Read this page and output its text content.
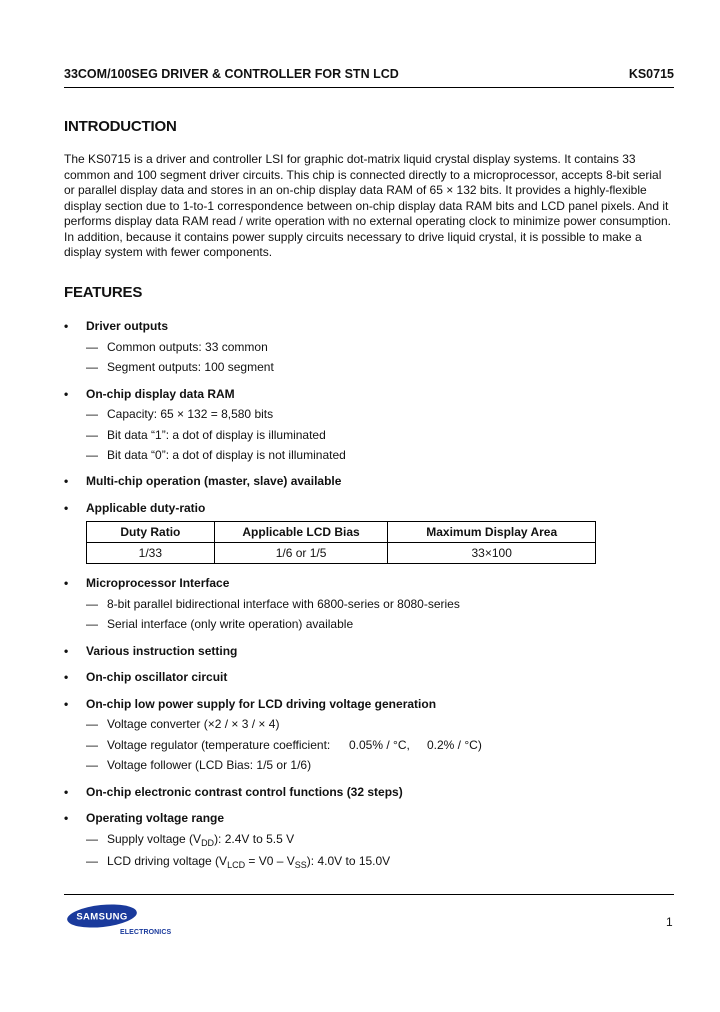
33COM/100SEG DRIVER & CONTROLLER FOR STN LCD	KS0715
INTRODUCTION
The KS0715 is a driver and controller LSI for graphic dot-matrix liquid crystal display systems. It contains 33
common and 100 segment driver circuits. This chip is connected directly to a microprocessor, accepts 8-bit serial
or parallel display data and stores in an on-chip display data RAM of 65 × 132 bits. It provides a highly-flexible
display section due to 1-to-1 correspondence between on-chip display data RAM bits and LCD panel pixels. And it
performs display data RAM read / write operation with no external operating clock to minimize power consumption.
In addition, because it contains power supply circuits necessary to drive liquid crystal, it is possible to make a
display system with fewer components.
FEATURES
• Driver outputs
— Common outputs: 33 common
— Segment outputs: 100 segment
• On-chip display data RAM
— Capacity: 65 × 132 = 8,580 bits
— Bit data “1”: a dot of display is illuminated
— Bit data “0”: a dot of display is not illuminated
• Multi-chip operation (master, slave) available
• Applicable duty-ratio
Duty Ratio	Applicable LCD Bias	Maximum Display Area
1/33	1/6 or 1/5	33×100
• Microprocessor Interface
— 8-bit parallel bidirectional interface with 6800-series or 8080-series
— Serial interface (only write operation) available
• Various instruction setting
• On-chip oscillator circuit
• On-chip low power supply for LCD driving voltage generation
— Voltage converter (×2 / × 3 / × 4)
— Voltage regulator (temperature coefficient: 0.05% / °C, 0.2% / °C)
— Voltage follower (LCD Bias: 1/5 or 1/6)
• On-chip electronic contrast control functions (32 steps)
• Operating voltage range
— Supply voltage $(V_{DD})$: 2.4V to 5.5 V
— LCD driving voltage $(V_{LCD} = V0 - V_{SS})$: 4.0V to 15.0V
SAMSUNG
ELECTRONICS
1
